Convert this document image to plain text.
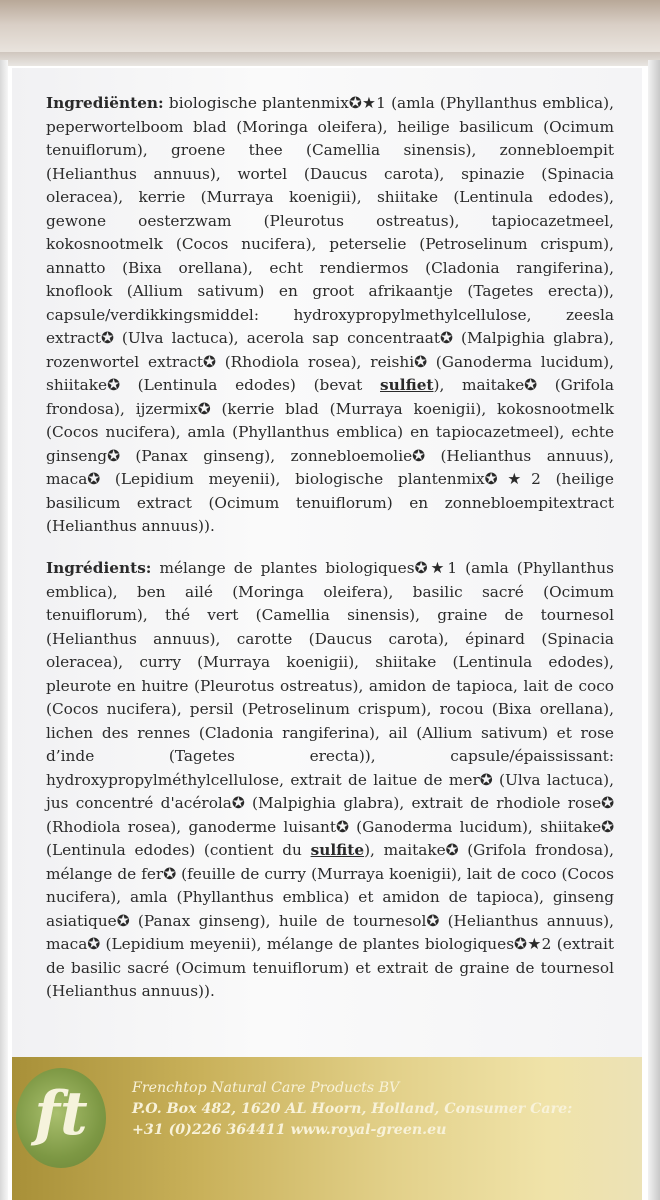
Ingrediënten: biologische plantenmix✪★1 (amla (Phyllanthus emblica), peperwortelboom blad (Moringa oleifera), heilige basilicum (Ocimum tenuiflorum), groene thee (Camellia sinensis), zonnebloempit (Helianthus annuus), wortel (Daucus carota), spinazie (Spinacia oleracea), kerrie (Murraya koenigii), shiitake (Lentinula edodes), gewone oesterzwam (Pleurotus ostreatus), tapiocazetmeel, kokosnootmelk (Cocos nucifera), peterselie (Petroselinum crispum), annatto (Bixa orellana), echt rendiermos (Cladonia rangiferina), knoflook (Allium sativum) en groot afrikaantje (Tagetes erecta)), capsule/verdikkingsmiddel: hydroxypropylmethylcellulose, zeesla extract✪ (Ulva lactuca), acerola sap concentraat✪ (Malpighia glabra), rozenwortel extract✪ (Rhodiola rosea), reishi✪ (Ganoderma lucidum), shiitake✪ (Lentinula edodes) (bevat sulfiet), maitake✪ (Grifola frondosa), ijzermix✪ (kerrie blad (Murraya koenigii), kokosnootmelk (Cocos nucifera), amla (Phyllanthus emblica) en tapiocazetmeel), echte ginseng✪ (Panax ginseng), zonnebloemolie✪ (Helianthus annuus), maca✪ (Lepidium meyenii), biologische plantenmix✪★2 (heilige basilicum extract (Ocimum tenuiflorum) en zonnebloempitextract (Helianthus annuus)).

Ingrédients: mélange de plantes biologiques✪★1 (amla (Phyllanthus emblica), ben ailé (Moringa oleifera), basilic sacré (Ocimum tenuiflorum), thé vert (Camellia sinensis), graine de tournesol (Helianthus annuus), carotte (Daucus carota), épinard (Spinacia oleracea), curry (Murraya koenigii), shiitake (Lentinula edodes), pleurote en huitre (Pleurotus ostreatus), amidon de tapioca, lait de coco (Cocos nucifera), persil (Petroselinum crispum), rocou (Bixa orellana), lichen des rennes (Cladonia rangiferina), ail (Allium sativum) et rose d’inde (Tagetes erecta)), capsule/épaississant: hydroxypropylméthylcellulose, extrait de laitue de mer✪ (Ulva lactuca), jus concentré d'acérola✪ (Malpighia glabra), extrait de rhodiole rose✪ (Rhodiola rosea), ganoderme luisant✪ (Ganoderma lucidum), shiitake✪ (Lentinula edodes) (contient du sulfite), maitake✪ (Grifola frondosa), mélange de fer✪ (feuille de curry (Murraya koenigii), lait de coco (Cocos nucifera), amla (Phyllanthus emblica) et amidon de tapioca), ginseng asiatique✪ (Panax ginseng), huile de tournesol✪ (Helianthus annuus), maca✪ (Lepidium meyenii), mélange de plantes biologiques✪★2 (extrait de basilic sacré (Ocimum tenuiflorum) et extrait de graine de tournesol (Helianthus annuus)).

ft	Frenchtop Natural Care Products BV
P.O. Box 482, 1620 AL Hoorn, Holland, Consumer Care:
+31 (0)226 364411 www.royal-green.eu
